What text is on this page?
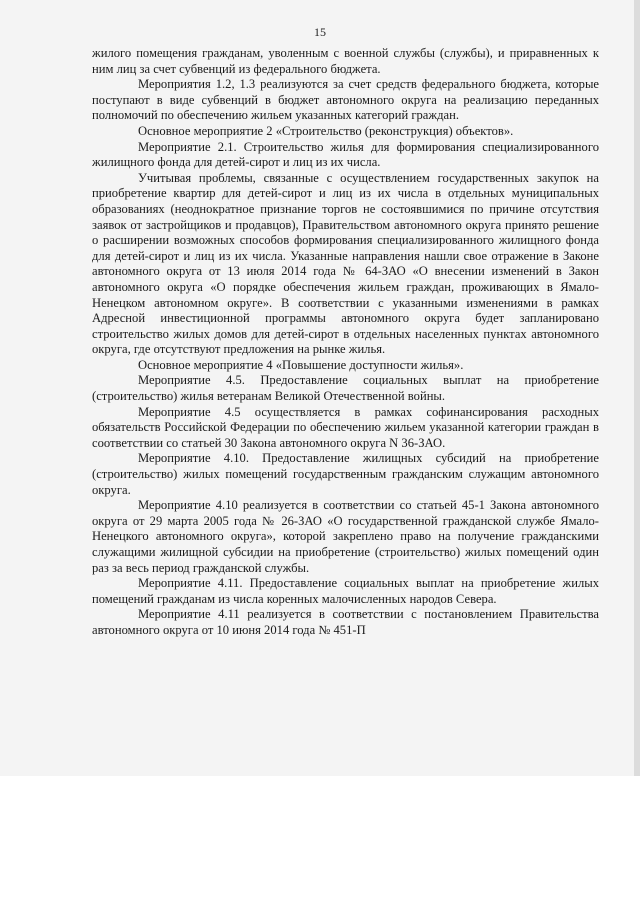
15

жилого помещения гражданам, уволенным с военной службы (службы), и приравненных к ним лиц за счет субвенций из федерального бюджета.

Мероприятия 1.2, 1.3 реализуются за счет средств федерального бюджета, которые поступают в виде субвенций в бюджет автономного округа на реализацию переданных полномочий по обеспечению жильем указанных категорий граждан.

Основное мероприятие 2 «Строительство (реконструкция) объектов».

Мероприятие 2.1. Строительство жилья для формирования специализированного жилищного фонда для детей-сирот и лиц из их числа.

Учитывая проблемы, связанные с осуществлением государственных закупок на приобретение квартир для детей-сирот и лиц из их числа в отдельных муниципальных образованиях (неоднократное признание торгов не состоявшимися по причине отсутствия заявок от застройщиков и продавцов), Правительством автономного округа принято решение о расширении возможных способов формирования специализированного жилищного фонда для детей-сирот и лиц из их числа. Указанные направления нашли свое отражение в Законе автономного округа от 13 июля 2014 года № 64-ЗАО «О внесении изменений в Закон автономного округа «О порядке обеспечения жильем граждан, проживающих в Ямало-Ненецком автономном округе». В соответствии с указанными изменениями в рамках Адресной инвестиционной программы автономного округа будет запланировано строительство жилых домов для детей-сирот в отдельных населенных пунктах автономного округа, где отсутствуют предложения на рынке жилья.

Основное мероприятие 4 «Повышение доступности жилья».

Мероприятие 4.5. Предоставление социальных выплат на приобретение (строительство) жилья ветеранам Великой Отечественной войны.

Мероприятие 4.5 осуществляется в рамках софинансирования расходных обязательств Российской Федерации по обеспечению жильем указанной категории граждан в соответствии со статьей 30 Закона автономного округа N 36-ЗАО.

Мероприятие 4.10. Предоставление жилищных субсидий на приобретение (строительство) жилых помещений государственным гражданским служащим автономного округа.

Мероприятие 4.10 реализуется в соответствии со статьей 45-1 Закона автономного округа от 29 марта 2005 года № 26-ЗАО «О государственной гражданской службе Ямало-Ненецкого автономного округа», которой закреплено право на получение гражданскими служащими жилищной субсидии на приобретение (строительство) жилых помещений один раз за весь период гражданской службы.

Мероприятие 4.11. Предоставление социальных выплат на приобретение жилых помещений гражданам из числа коренных малочисленных народов Севера.

Мероприятие 4.11 реализуется в соответствии с постановлением Правительства автономного округа от 10 июня 2014 года № 451-П
